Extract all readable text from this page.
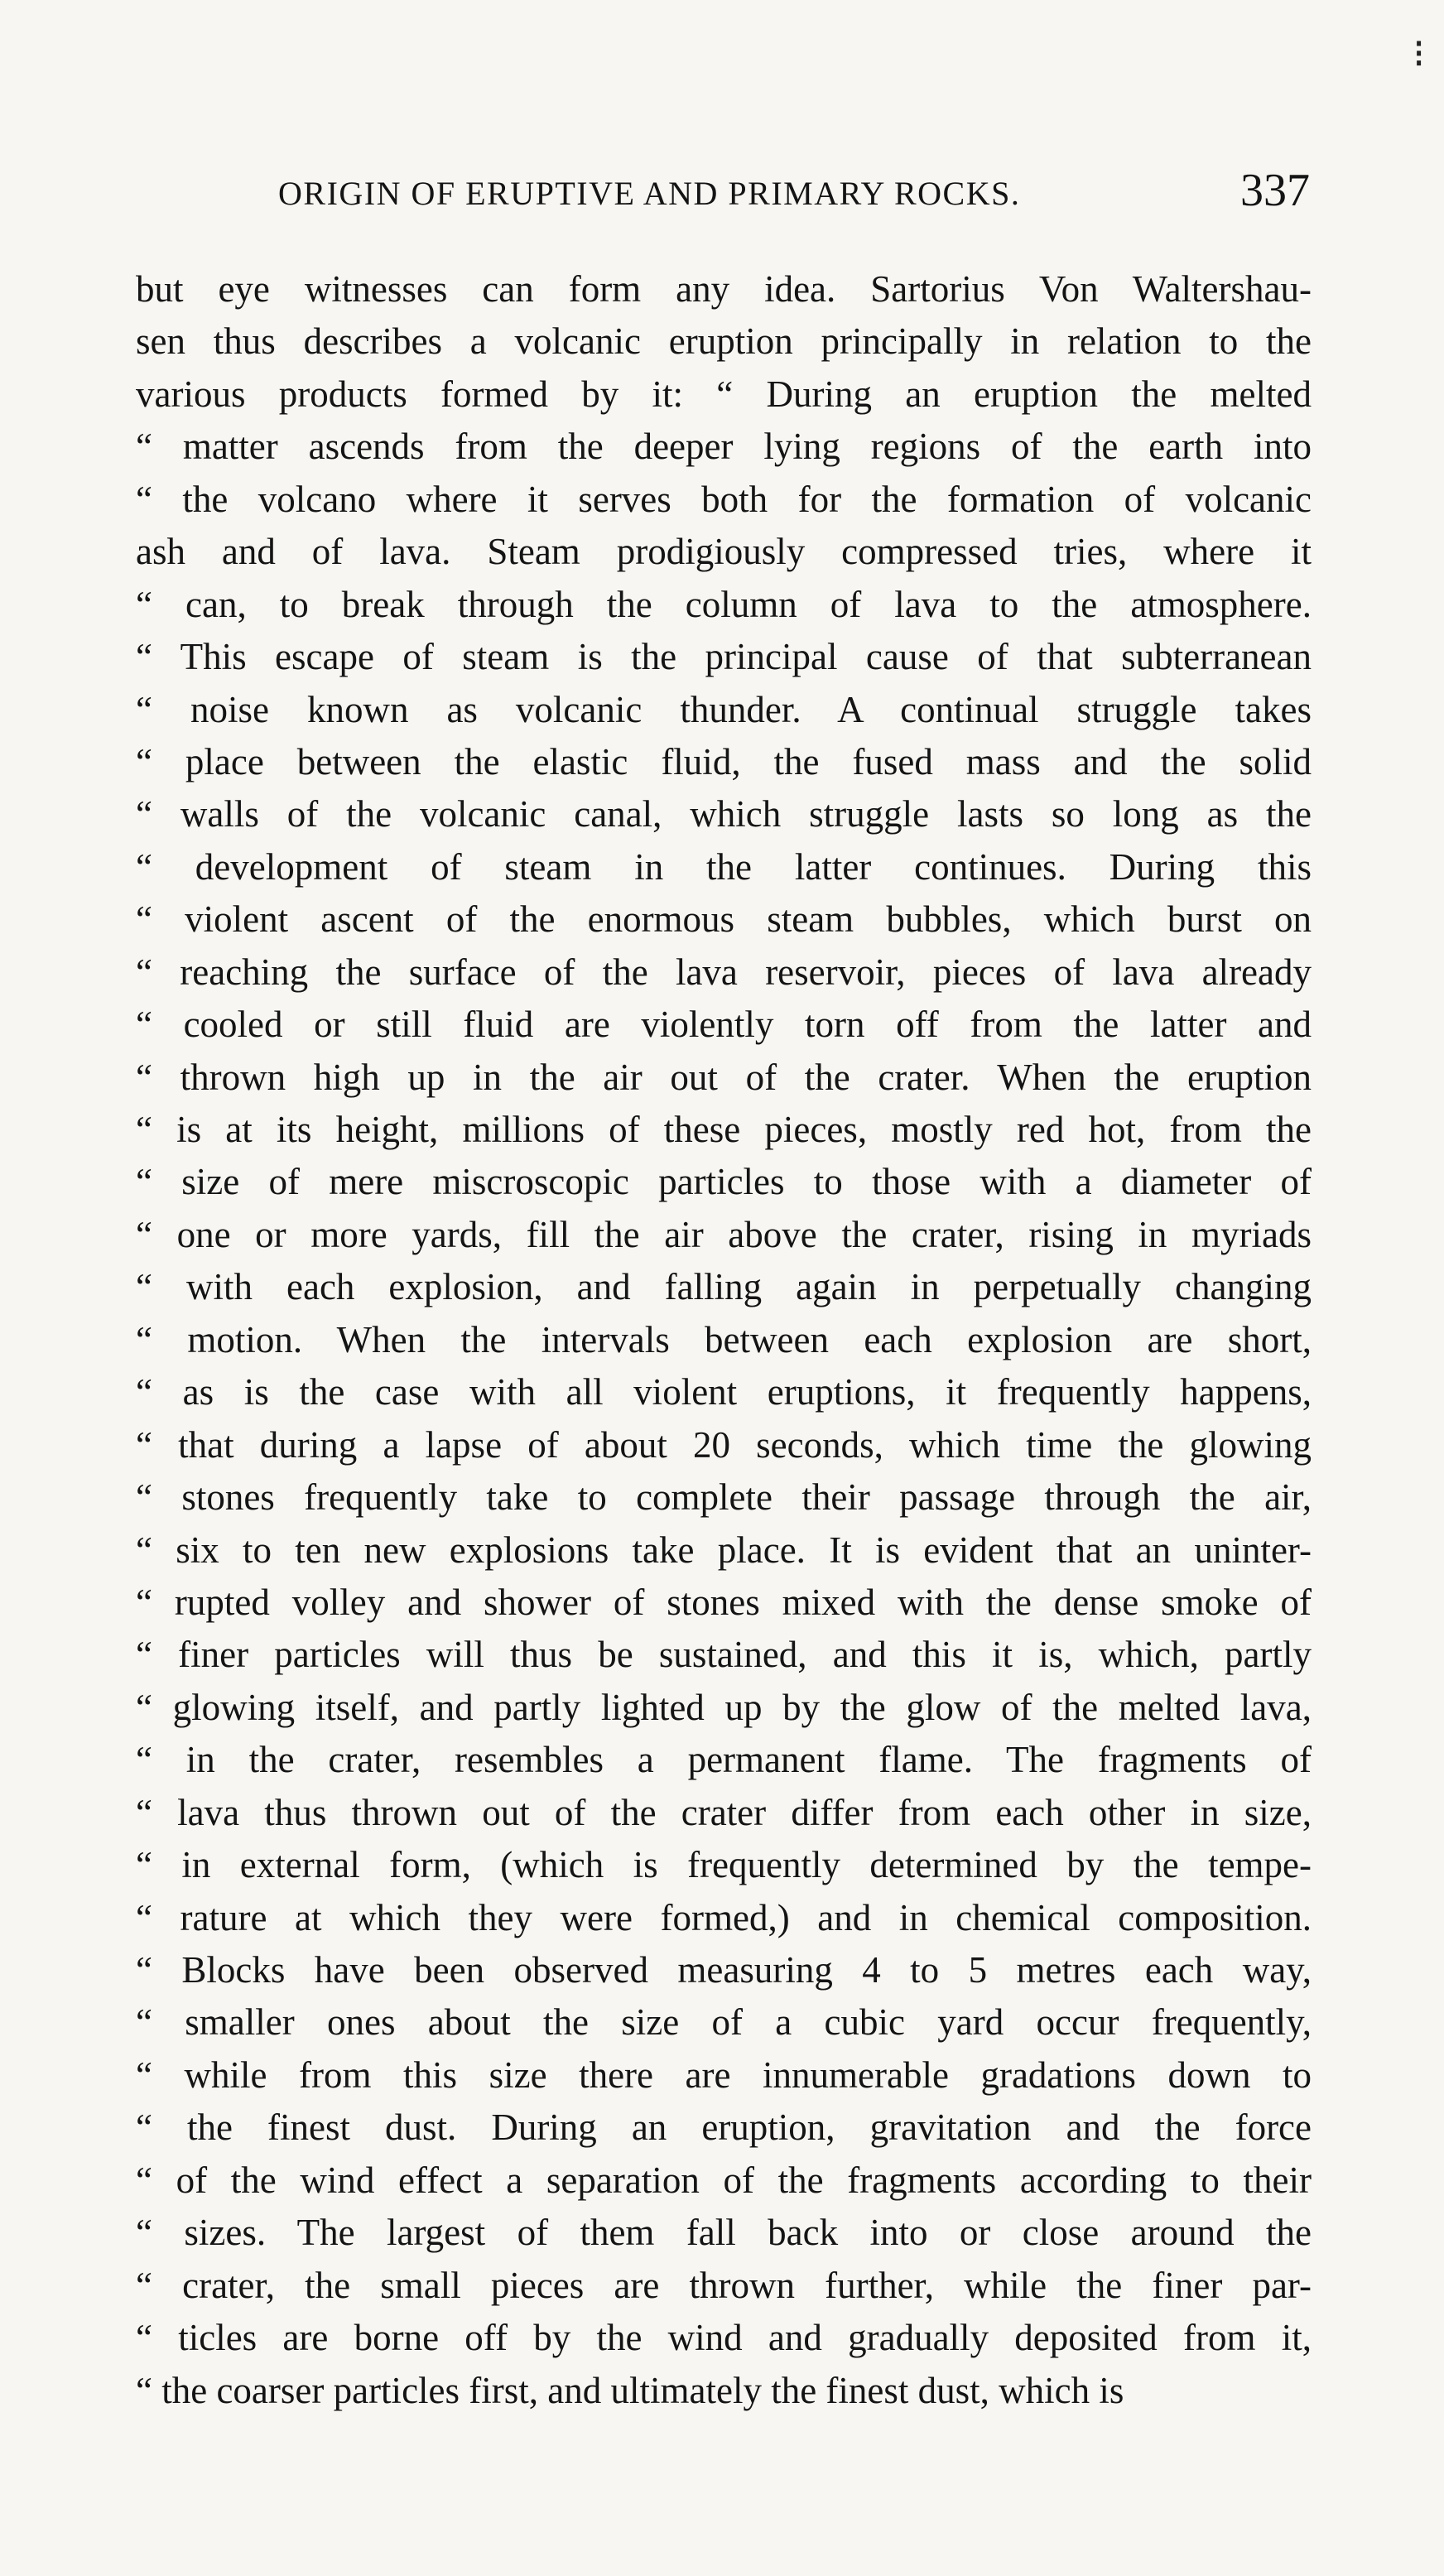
⁝
ORIGIN OF ERUPTIVE AND PRIMARY ROCKS.	337
but eye witnesses can form any idea. Sartorius Von Waltershau-
sen thus describes a volcanic eruption principally in relation to the
various products formed by it: “ During an eruption the melted
“ matter ascends from the deeper lying regions of the earth into
“ the volcano where it serves both for the formation of volcanic
ash and of lava. Steam prodigiously compressed tries, where it
“ can, to break through the column of lava to the atmosphere.
“ This escape of steam is the principal cause of that subterranean
“ noise known as volcanic thunder. A continual struggle takes
“ place between the elastic fluid, the fused mass and the solid
“ walls of the volcanic canal, which struggle lasts so long as the
“ development of steam in the latter continues. During this
“ violent ascent of the enormous steam bubbles, which burst on
“ reaching the surface of the lava reservoir, pieces of lava already
“ cooled or still fluid are violently torn off from the latter and
“ thrown high up in the air out of the crater. When the eruption
“ is at its height, millions of these pieces, mostly red hot, from the
“ size of mere miscroscopic particles to those with a diameter of
“ one or more yards, fill the air above the crater, rising in myriads
“ with each explosion, and falling again in perpetually changing
“ motion. When the intervals between each explosion are short,
“ as is the case with all violent eruptions, it frequently happens,
“ that during a lapse of about 20 seconds, which time the glowing
“ stones frequently take to complete their passage through the air,
“ six to ten new explosions take place. It is evident that an uninter-
“ rupted volley and shower of stones mixed with the dense smoke of
“ finer particles will thus be sustained, and this it is, which, partly
“ glowing itself, and partly lighted up by the glow of the melted lava,
“ in the crater, resembles a permanent flame. The fragments of
“ lava thus thrown out of the crater differ from each other in size,
“ in external form, (which is frequently determined by the tempe-
“ rature at which they were formed,) and in chemical composition.
“ Blocks have been observed measuring 4 to 5 metres each way,
“ smaller ones about the size of a cubic yard occur frequently,
“ while from this size there are innumerable gradations down to
“ the finest dust. During an eruption, gravitation and the force
“ of the wind effect a separation of the fragments according to their
“ sizes. The largest of them fall back into or close around the
“ crater, the small pieces are thrown further, while the finer par-
“ ticles are borne off by the wind and gradually deposited from it,
“ the coarser particles first, and ultimately the finest dust, which is
